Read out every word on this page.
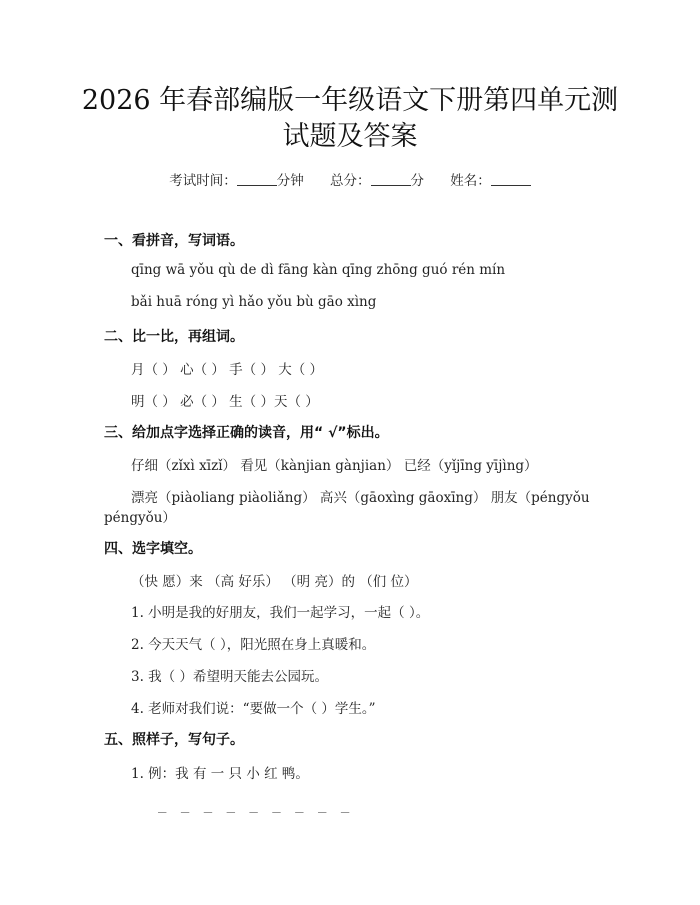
2026 年春部编版一年级语文下册第四单元测
试题及答案
考试时间：	分钟 总分：	分 姓名：
一、看拼音，写词语。
qīng wā yǒu qù de dì fāng kàn qīng zhōng guó rén mín
bǎi huā róng yì hǎo yǒu bù gāo xìng
二、比一比，再组词。
月（ ） 心（ ） 手（ ） 大（ ）
明（ ） 必（ ） 生（ ）天（ ）
三、给加点字选择正确的读音，用“ √”标出。
仔细（zǐxì xīzǐ） 看见（kànjian gànjian） 已经（yǐjīng yījìng）
漂亮（piàoliang piàoliǎng） 高兴（gāoxìng gāoxīng） 朋友（péngyǒu
péngyǒu）
四、选字填空。
（快 愿）来 （高 好乐） （明 亮）的 （们 位）
1. 小明是我的好朋友，我们一起学习，一起（ ）。
2. 今天天气（ ），阳光照在身上真暖和。
3. 我（ ）希望明天能去公园玩。
4. 老师对我们说：“要做一个（ ）学生。”
五、照样子，写句子。
1. 例：我 有 一 只 小 红 鸭。
_ _ _ _ _ _ _ _ _
